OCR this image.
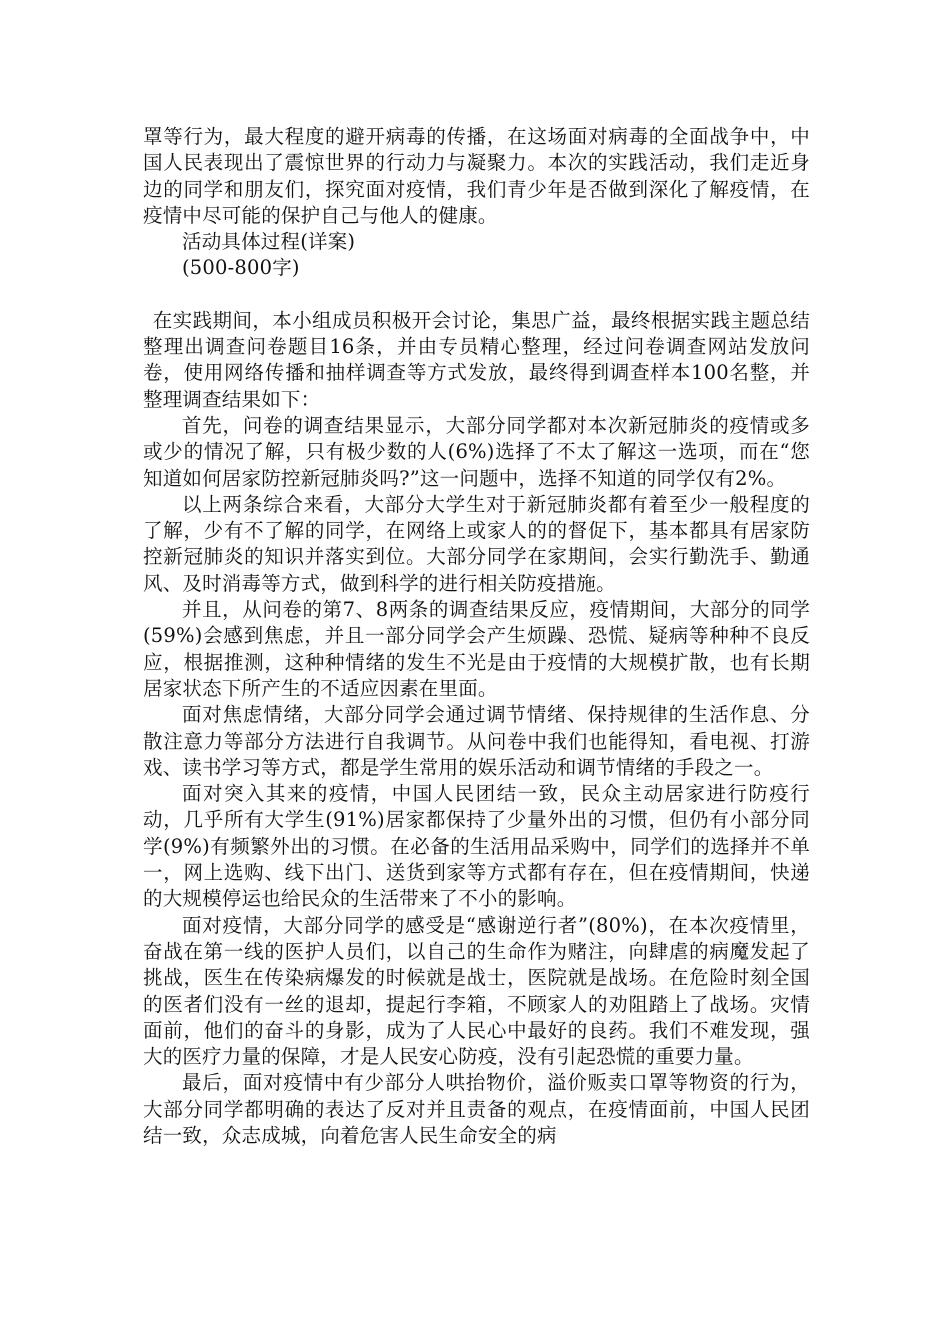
罩等行为，最大程度的避开病毒的传播，在这场面对病毒的全面战争中，中国人民表现出了震惊世界的行动力与凝聚力。本次的实践活动，我们走近身边的同学和朋友们，探究面对疫情，我们青少年是否做到深化了解疫情，在疫情中尽可能的保护自己与他人的健康。

活动具体过程(详案)

(500-800字)

在实践期间，本小组成员积极开会讨论，集思广益，最终根据实践主题总结整理出调查问卷题目16条，并由专员精心整理，经过问卷调查网站发放问卷，使用网络传播和抽样调查等方式发放，最终得到调查样本100名整，并整理调查结果如下：

首先，问卷的调查结果显示，大部分同学都对本次新冠肺炎的疫情或多或少的情况了解，只有极少数的人(6%)选择了不太了解这一选项，而在“您知道如何居家防控新冠肺炎吗?”这一问题中，选择不知道的同学仅有2%。

以上两条综合来看，大部分大学生对于新冠肺炎都有着至少一般程度的了解，少有不了解的同学，在网络上或家人的的督促下，基本都具有居家防控新冠肺炎的知识并落实到位。大部分同学在家期间，会实行勤洗手、勤通风、及时消毒等方式，做到科学的进行相关防疫措施。

并且，从问卷的第7、8两条的调查结果反应，疫情期间，大部分的同学(59%)会感到焦虑，并且一部分同学会产生烦躁、恐慌、疑病等种种不良反应，根据推测，这种种情绪的发生不光是由于疫情的大规模扩散，也有长期居家状态下所产生的不适应因素在里面。

面对焦虑情绪，大部分同学会通过调节情绪、保持规律的生活作息、分散注意力等部分方法进行自我调节。从问卷中我们也能得知，看电视、打游戏、读书学习等方式，都是学生常用的娱乐活动和调节情绪的手段之一。

面对突入其来的疫情，中国人民团结一致，民众主动居家进行防疫行动，几乎所有大学生(91%)居家都保持了少量外出的习惯，但仍有小部分同学(9%)有频繁外出的习惯。在必备的生活用品采购中，同学们的选择并不单一，网上选购、线下出门、送货到家等方式都有存在，但在疫情期间，快递的大规模停运也给民众的生活带来了不小的影响。

面对疫情，大部分同学的感受是“感谢逆行者”(80%)，在本次疫情里，奋战在第一线的医护人员们，以自己的生命作为赌注，向肆虐的病魔发起了挑战，医生在传染病爆发的时候就是战士，医院就是战场。在危险时刻全国的医者们没有一丝的退却，提起行李箱，不顾家人的劝阻踏上了战场。灾情面前，他们的奋斗的身影，成为了人民心中最好的良药。我们不难发现，强大的医疗力量的保障，才是人民安心防疫，没有引起恐慌的重要力量。

最后，面对疫情中有少部分人哄抬物价，溢价贩卖口罩等物资的行为，大部分同学都明确的表达了反对并且责备的观点，在疫情面前，中国人民团结一致，众志成城，向着危害人民生命安全的病
